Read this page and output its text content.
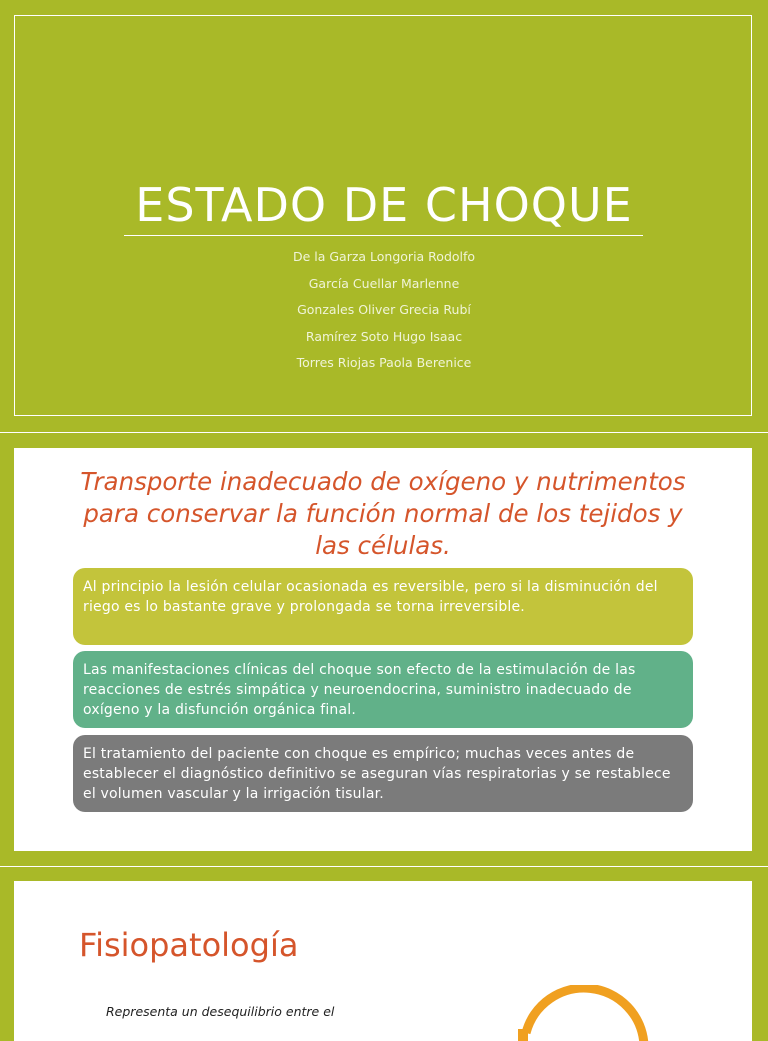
ESTADO DE CHOQUE
De la Garza Longoria Rodolfo
García Cuellar Marlenne
Gonzales Oliver Grecia Rubí
Ramírez Soto Hugo Isaac
Torres Riojas Paola Berenice
Transporte inadecuado de oxígeno y nutrimentos para conservar la función normal de los tejidos y las células.
Al principio la lesión celular ocasionada es reversible, pero si la disminución del riego es lo bastante grave y prolongada se torna irreversible.
Las manifestaciones clínicas del choque son efecto de la estimulación de las reacciones de estrés simpática y neuroendocrina, suministro inadecuado de oxígeno y la disfunción orgánica final.
El tratamiento del paciente con choque es empírico; muchas veces antes de establecer el diagnóstico definitivo se aseguran vías respiratorias y se restablece el volumen vascular y la irrigación tisular.
Fisiopatología
Representa un desequilibrio entre el
